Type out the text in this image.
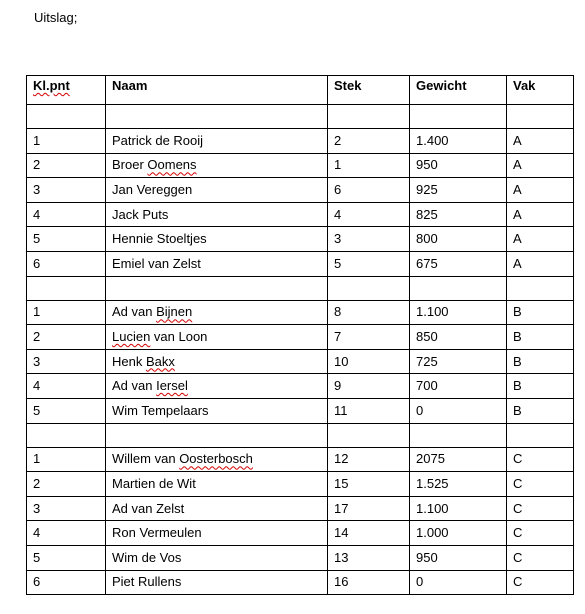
Uitslag;
Kl.pnt	Naam	Stek	Gewicht	Vak

1	Patrick de Rooij	2	1.400	A
2	Broer Oomens	1	950	A
3	Jan Vereggen	6	925	A
4	Jack Puts	4	825	A
5	Hennie Stoeltjes	3	800	A
6	Emiel van Zelst	5	675	A

1	Ad van Bijnen	8	1.100	B
2	Lucien van Loon	7	850	B
3	Henk Bakx	10	725	B
4	Ad van Iersel	9	700	B
5	Wim Tempelaars	11	0	B

1	Willem van Oosterbosch	12	2075	C
2	Martien de Wit	15	1.525	C
3	Ad van Zelst	17	1.100	C
4	Ron Vermeulen	14	1.000	C
5	Wim de Vos	13	950	C
6	Piet Rullens	16	0	C
